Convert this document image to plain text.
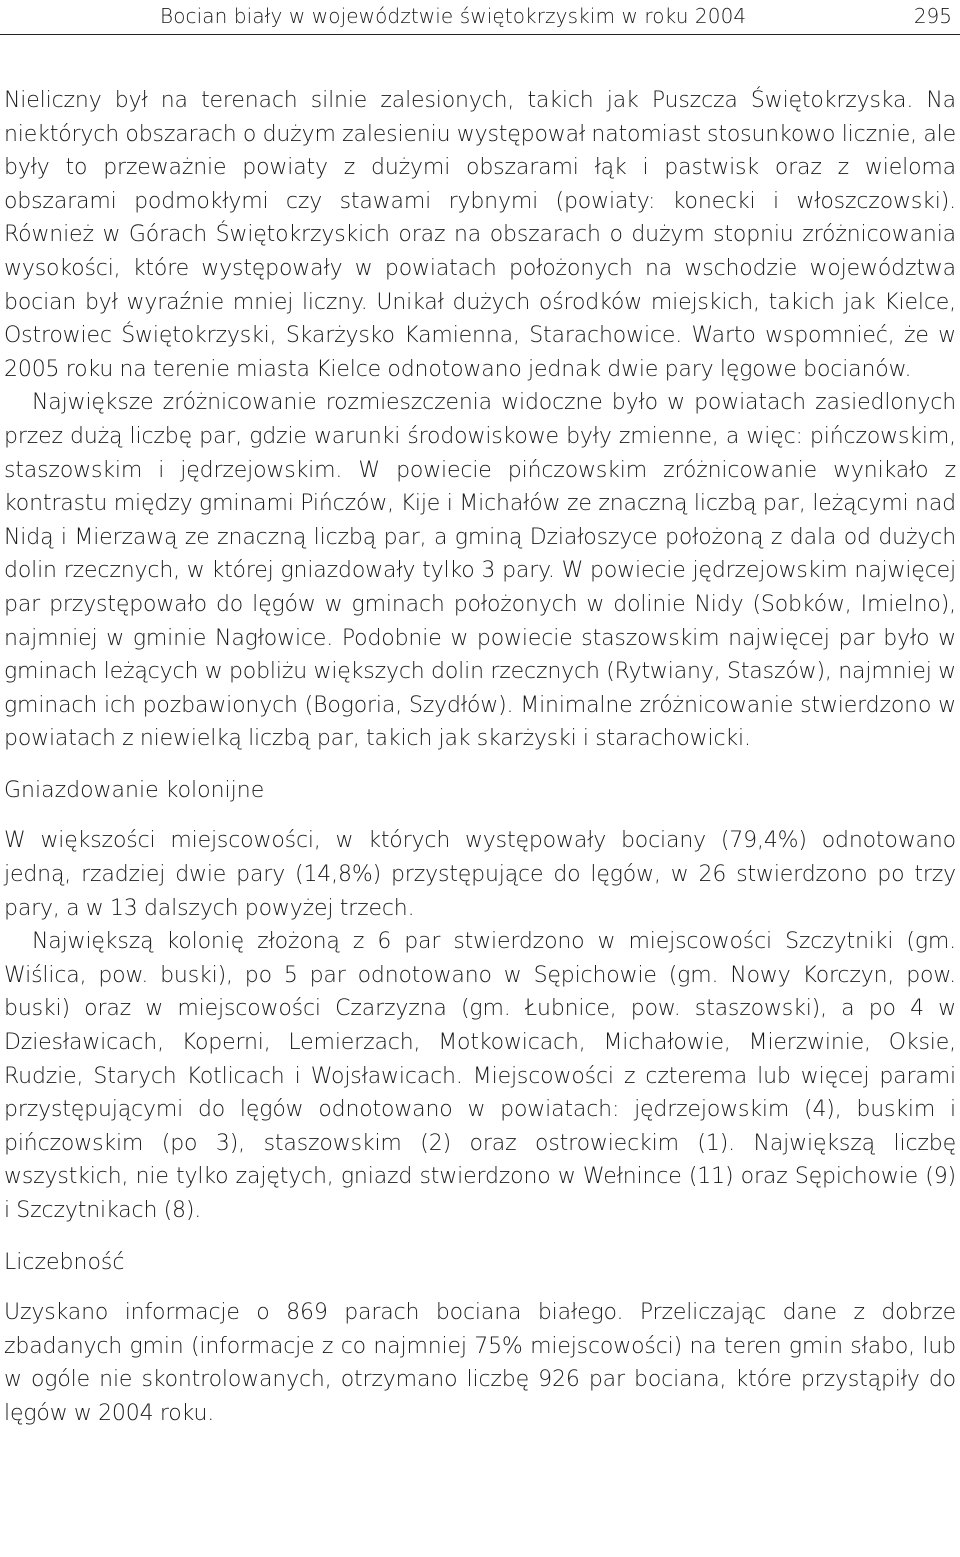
Bocian biały w województwie świętokrzyskim w roku 2004	295

Nieliczny był na terenach silnie zalesionych, takich jak Puszcza Świętokrzyska. Na niektórych obszarach o dużym zalesieniu występował natomiast stosunkowo licznie, ale były to przeważnie powiaty z dużymi obszarami łąk i pastwisk oraz z wieloma obszarami podmokłymi czy stawami rybnymi (powiaty: konecki i włoszczowski). Również w Górach Świętokrzyskich oraz na obszarach o dużym stopniu zróżnicowania wysokości, które występowały w powiatach położonych na wschodzie województwa bocian był wyraźnie mniej liczny. Unikał dużych ośrodków miejskich, takich jak Kielce, Ostrowiec Świętokrzyski, Skarżysko Kamienna, Starachowice. Warto wspomnieć, że w 2005 roku na terenie miasta Kielce odnotowano jednak dwie pary lęgowe bocianów.

Największe zróżnicowanie rozmieszczenia widoczne było w powiatach zasiedlonych przez dużą liczbę par, gdzie warunki środowiskowe były zmienne, a więc: pińczowskim, staszowskim i jędrzejowskim. W powiecie pińczowskim zróżnicowanie wynikało z kontrastu między gminami Pińczów, Kije i Michałów ze znaczną liczbą par, leżącymi nad Nidą i Mierzawą ze znaczną liczbą par, a gminą Działoszyce położoną z dala od dużych dolin rzecznych, w której gniazdowały tylko 3 pary. W powiecie jędrzejowskim najwięcej par przystępowało do lęgów w gminach położonych w dolinie Nidy (Sobków, Imielno), najmniej w gminie Nagłowice. Podobnie w powiecie staszowskim najwięcej par było w gminach leżących w pobliżu większych dolin rzecznych (Rytwiany, Staszów), najmniej w gminach ich pozbawionych (Bogoria, Szydłów). Minimalne zróżnicowanie stwierdzono w powiatach z niewielką liczbą par, takich jak skarżyski i starachowicki.

Gniazdowanie kolonijne

W większości miejscowości, w których występowały bociany (79,4%) odnotowano jedną, rzadziej dwie pary (14,8%) przystępujące do lęgów, w 26 stwierdzono po trzy pary, a w 13 dalszych powyżej trzech.

Największą kolonię złożoną z 6 par stwierdzono w miejscowości Szczytniki (gm. Wiślica, pow. buski), po 5 par odnotowano w Sępichowie (gm. Nowy Korczyn, pow. buski) oraz w miejscowości Czarzyzna (gm. Łubnice, pow. staszowski), a po 4 w Dziesławicach, Koperni, Lemierzach, Motkowicach, Michałowie, Mierzwinie, Oksie, Rudzie, Starych Kotlicach i Wojsławicach. Miejscowości z czterema lub więcej parami przystępującymi do lęgów odnotowano w powiatach: jędrzejowskim (4), buskim i pińczowskim (po 3), staszowskim (2) oraz ostrowieckim (1). Największą liczbę wszystkich, nie tylko zajętych, gniazd stwierdzono w Wełnince (11) oraz Sępichowie (9) i Szczytnikach (8).

Liczebność

Uzyskano informacje o 869 parach bociana białego. Przeliczając dane z dobrze zbadanych gmin (informacje z co najmniej 75% miejscowości) na teren gmin słabo, lub w ogóle nie skontrolowanych, otrzymano liczbę 926 par bociana, które przystąpiły do lęgów w 2004 roku.
